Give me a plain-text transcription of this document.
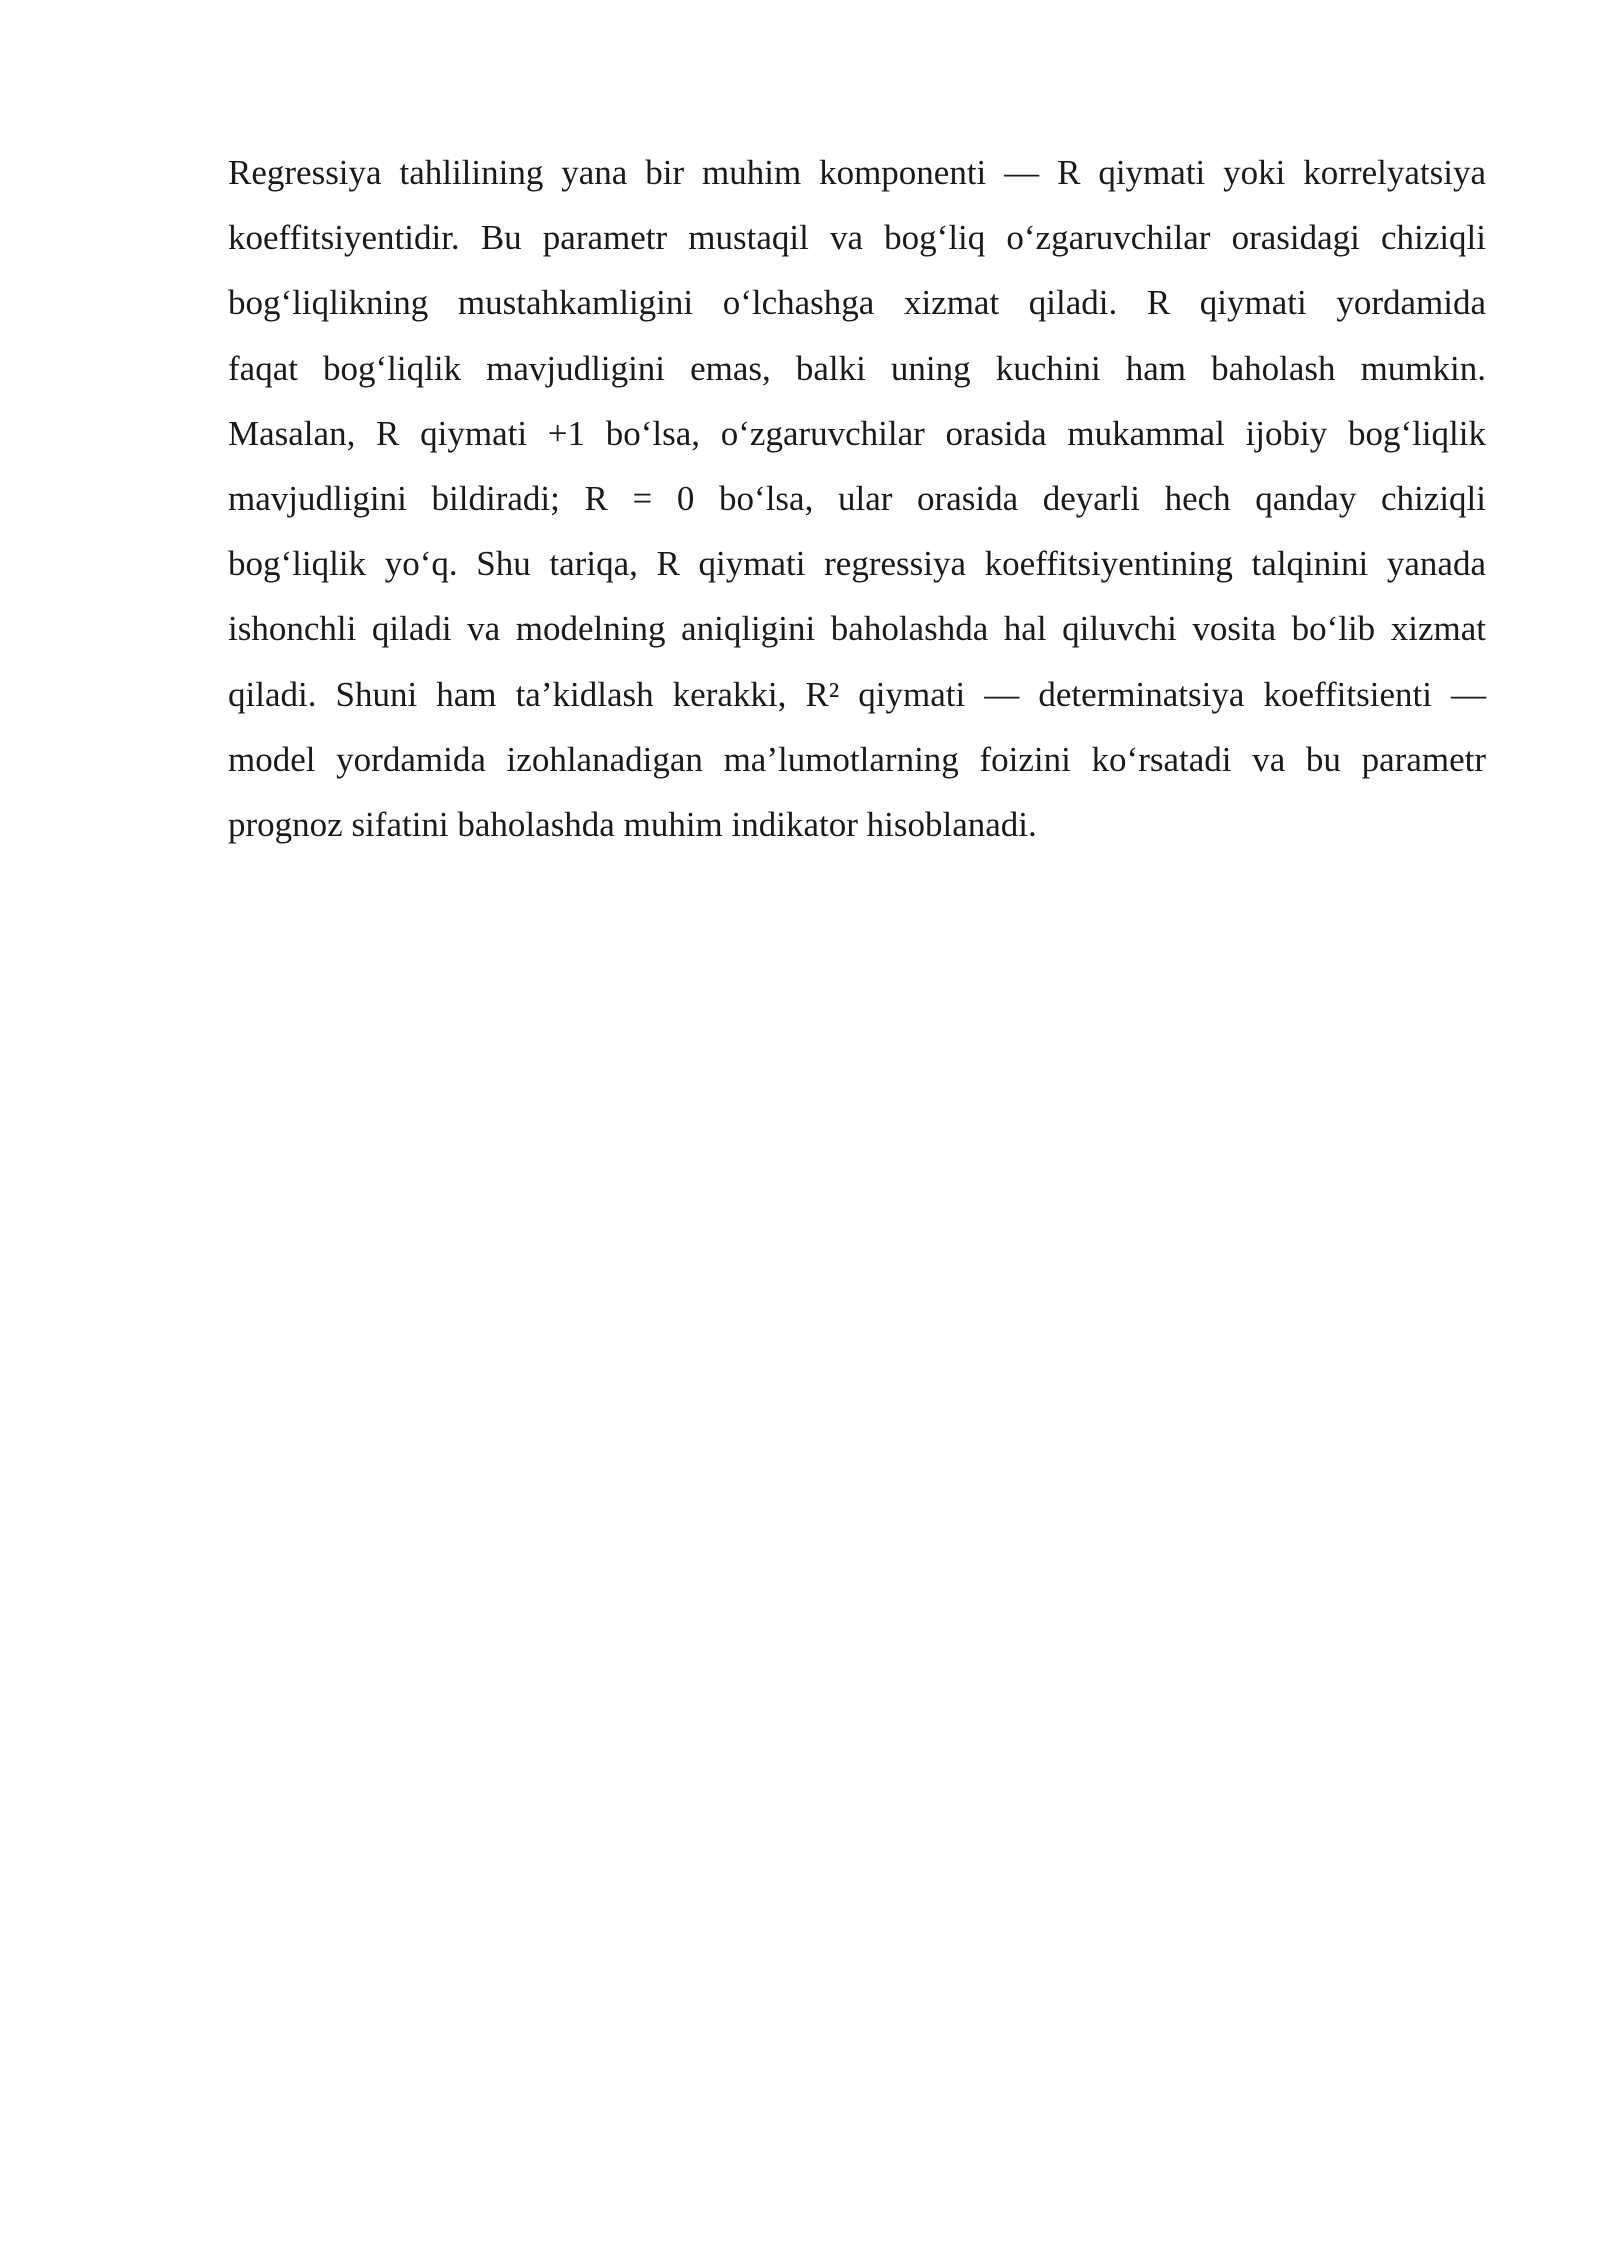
Regressiya tahlilining yana bir muhim komponenti — R qiymati yoki korrelyatsiya
koeffitsiyentidir. Bu parametr mustaqil va bog‘liq o‘zgaruvchilar orasidagi chiziqli
bog‘liqlikning mustahkamligini o‘lchashga xizmat qiladi. R qiymati yordamida
faqat bog‘liqlik mavjudligini emas, balki uning kuchini ham baholash mumkin.
Masalan, R qiymati +1 bo‘lsa, o‘zgaruvchilar orasida mukammal ijobiy bog‘liqlik
mavjudligini bildiradi; R = 0 bo‘lsa, ular orasida deyarli hech qanday chiziqli
bog‘liqlik yo‘q. Shu tariqa, R qiymati regressiya koeffitsiyentining talqinini yanada
ishonchli qiladi va modelning aniqligini baholashda hal qiluvchi vosita bo‘lib xizmat
qiladi. Shuni ham ta’kidlash kerakki, R² qiymati — determinatsiya koeffitsienti —
model yordamida izohlanadigan ma’lumotlarning foizini ko‘rsatadi va bu parametr
prognoz sifatini baholashda muhim indikator hisoblanadi.
